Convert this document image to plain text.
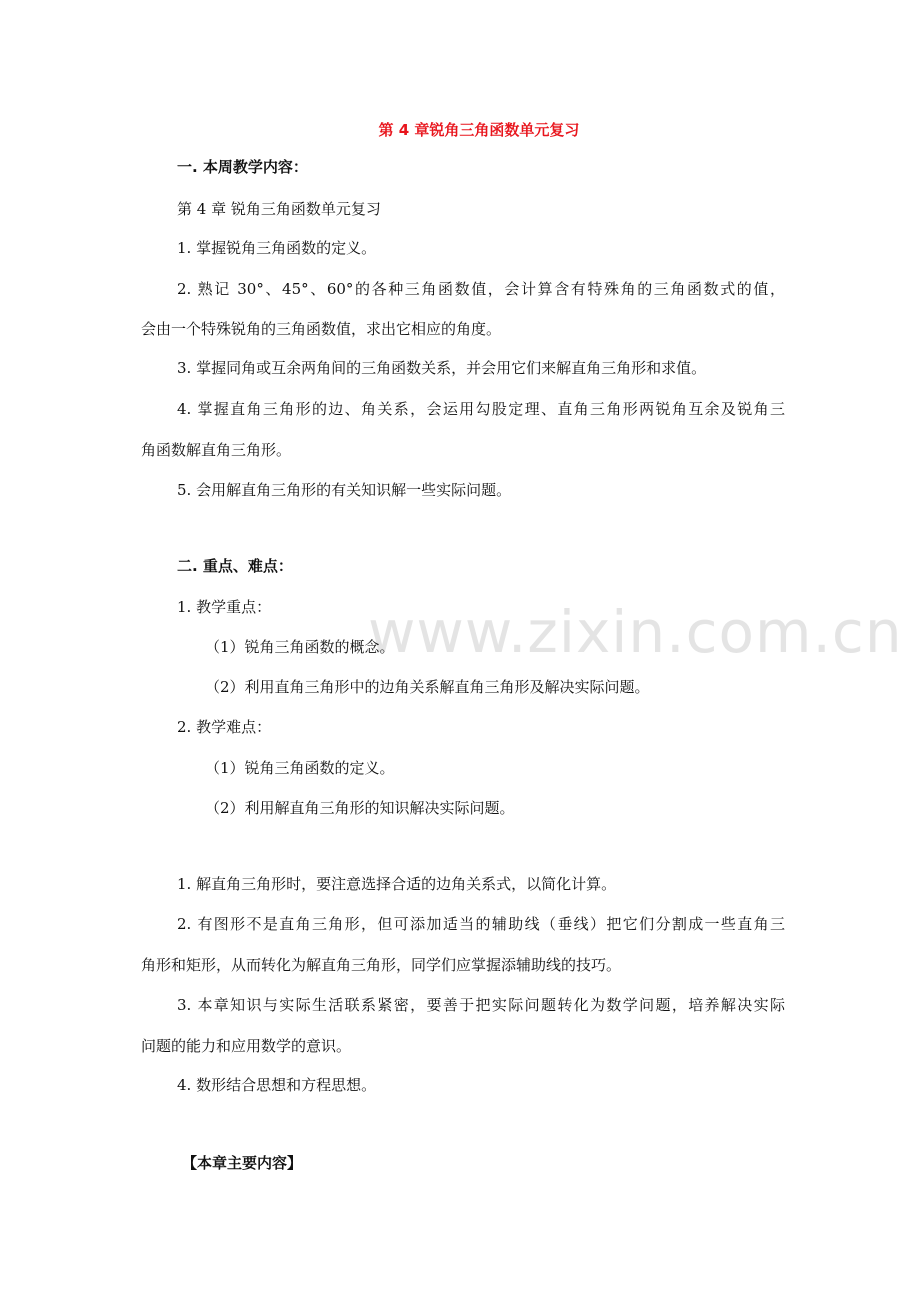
www.zixin.com.cn
第 4 章锐角三角函数单元复习
一. 本周教学内容：
第 4 章 锐角三角函数单元复习
1. 掌握锐角三角函数的定义。
2. 熟记 30°、45°、60°的各种三角函数值，会计算含有特殊角的三角函数式的值，
会由一个特殊锐角的三角函数值，求出它相应的角度。
3. 掌握同角或互余两角间的三角函数关系，并会用它们来解直角三角形和求值。
4. 掌握直角三角形的边、角关系，会运用勾股定理、直角三角形两锐角互余及锐角三
角函数解直角三角形。
5. 会用解直角三角形的有关知识解一些实际问题。
二. 重点、难点：
1. 教学重点：
（1）锐角三角函数的概念。
（2）利用直角三角形中的边角关系解直角三角形及解决实际问题。
2. 教学难点：
（1）锐角三角函数的定义。
（2）利用解直角三角形的知识解决实际问题。
1. 解直角三角形时，要注意选择合适的边角关系式，以简化计算。
2. 有图形不是直角三角形，但可添加适当的辅助线（垂线）把它们分割成一些直角三
角形和矩形，从而转化为解直角三角形，同学们应掌握添辅助线的技巧。
3. 本章知识与实际生活联系紧密，要善于把实际问题转化为数学问题，培养解决实际
问题的能力和应用数学的意识。
4. 数形结合思想和方程思想。
【本章主要内容】
